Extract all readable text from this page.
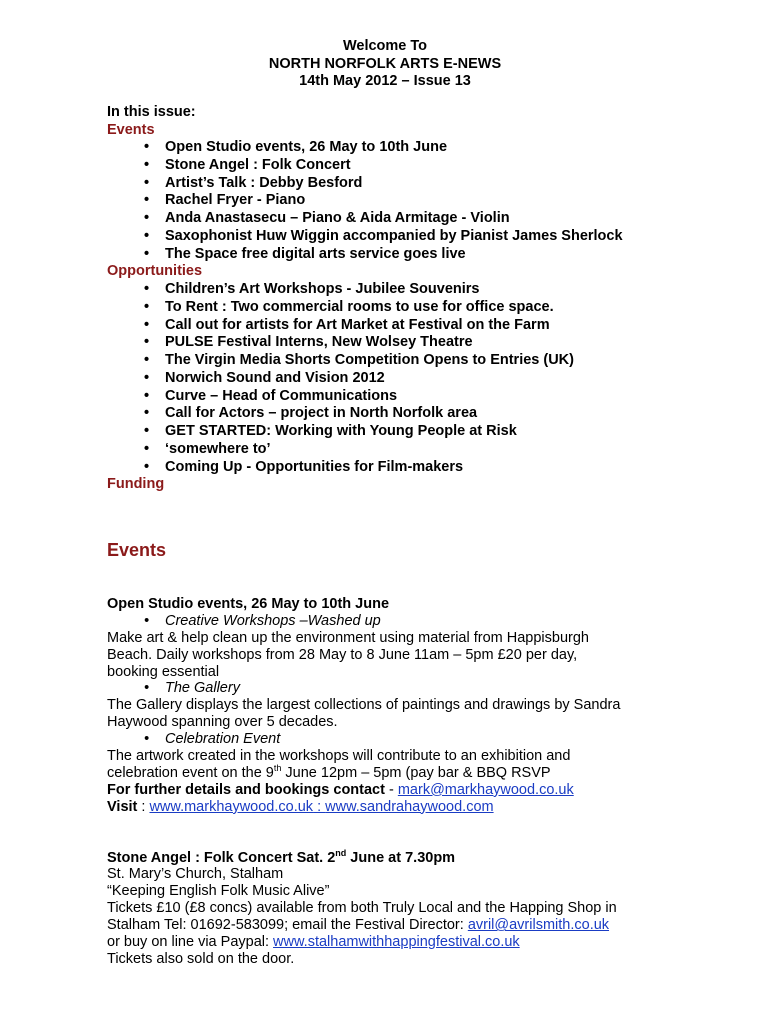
Welcome To
NORTH NORFOLK ARTS E-NEWS
14th May 2012 – Issue 13
In this issue:
Events
• Open Studio events, 26 May to 10th June
• Stone Angel : Folk Concert
• Artist’s Talk : Debby Besford
• Rachel Fryer - Piano
• Anda Anastasecu – Piano & Aida Armitage - Violin
• Saxophonist Huw Wiggin accompanied by Pianist James Sherlock
• The Space free digital arts service goes live
Opportunities
• Children’s Art Workshops - Jubilee Souvenirs
• To Rent : Two commercial rooms to use for office space.
• Call out for artists for Art Market at Festival on the Farm
• PULSE Festival Interns, New Wolsey Theatre
• The Virgin Media Shorts Competition Opens to Entries (UK)
• Norwich Sound and Vision 2012
• Curve – Head of Communications
• Call for Actors – project in North Norfolk area
• GET STARTED: Working with Young People at Risk
• ‘somewhere to’
• Coming Up - Opportunities for Film-makers
Funding
Events
Open Studio events, 26 May to 10th June
• Creative Workshops –Washed up
Make art & help clean up the environment using material from Happisburgh
Beach. Daily workshops from 28 May to 8 June 11am – 5pm £20 per day,
booking essential
• The Gallery
The Gallery displays the largest collections of paintings and drawings by Sandra
Haywood spanning over 5 decades.
• Celebration Event
The artwork created in the workshops will contribute to an exhibition and
celebration event on the 9th June 12pm – 5pm (pay bar & BBQ RSVP
For further details and bookings contact - mark@markhaywood.co.uk
Visit : www.markhaywood.co.uk : www.sandrahaywood.com
Stone Angel : Folk Concert Sat. 2nd June at 7.30pm
St. Mary’s Church, Stalham
“Keeping English Folk Music Alive”
Tickets £10 (£8 concs) available from both Truly Local and the Happing Shop in
Stalham Tel: 01692-583099; email the Festival Director: avril@avrilsmith.co.uk
or buy on line via Paypal: www.stalhamwithhappingfestival.co.uk
Tickets also sold on the door.
